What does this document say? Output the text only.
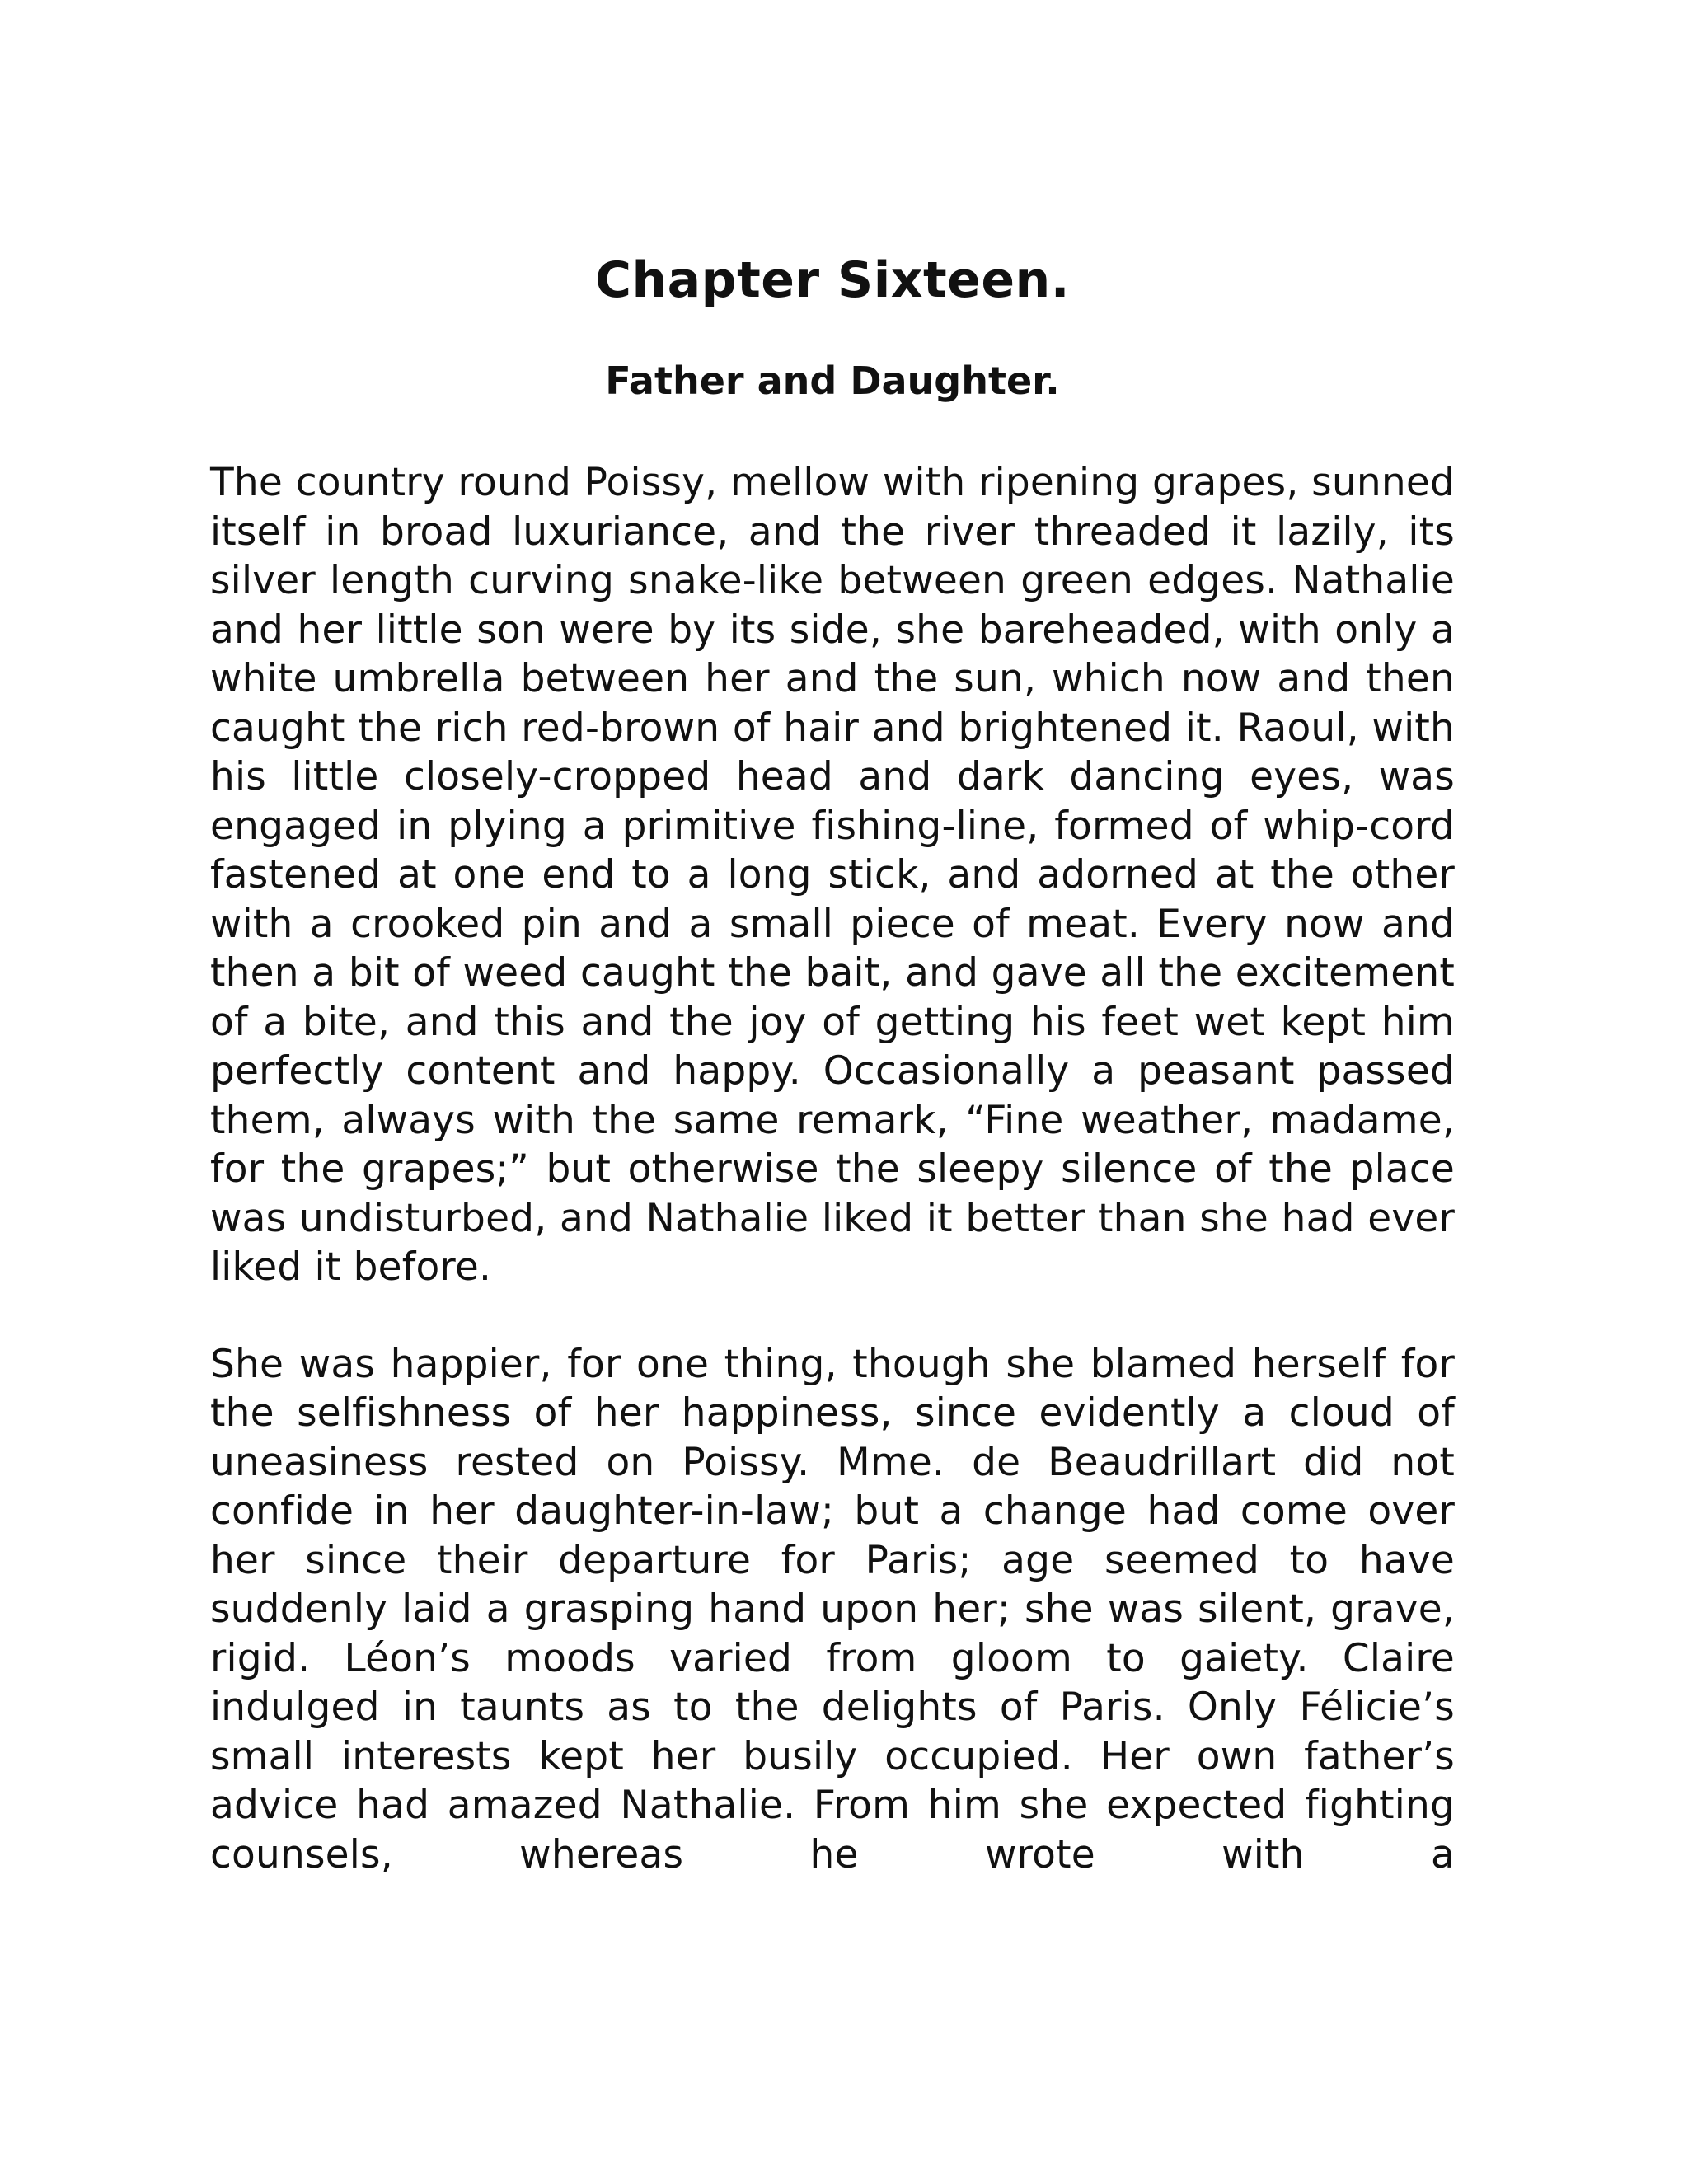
Chapter Sixteen.
Father and Daughter.

The country round Poissy, mellow with ripening grapes, sunned itself in broad luxuriance, and the river threaded it lazily, its silver length curving snake-like between green edges. Nathalie and her little son were by its side, she bareheaded, with only a white umbrella between her and the sun, which now and then caught the rich red-brown of hair and brightened it. Raoul, with his little closely-cropped head and dark dancing eyes, was engaged in plying a primitive fishing-line, formed of whip-cord fastened at one end to a long stick, and adorned at the other with a crooked pin and a small piece of meat. Every now and then a bit of weed caught the bait, and gave all the excitement of a bite, and this and the joy of getting his feet wet kept him perfectly content and happy. Occasionally a peasant passed them, always with the same remark, “Fine weather, madame, for the grapes;” but otherwise the sleepy silence of the place was undisturbed, and Nathalie liked it better than she had ever liked it before.

She was happier, for one thing, though she blamed herself for the selfishness of her happiness, since evidently a cloud of uneasiness rested on Poissy. Mme. de Beaudrillart did not confide in her daughter-in-law; but a change had come over her since their departure for Paris; age seemed to have suddenly laid a grasping hand upon her; she was silent, grave, rigid. Léon’s moods varied from gloom to gaiety. Claire indulged in taunts as to the delights of Paris. Only Félicie’s small interests kept her busily occupied. Her own father’s advice had amazed Nathalie. From him she expected fighting counsels, whereas he wrote with a
